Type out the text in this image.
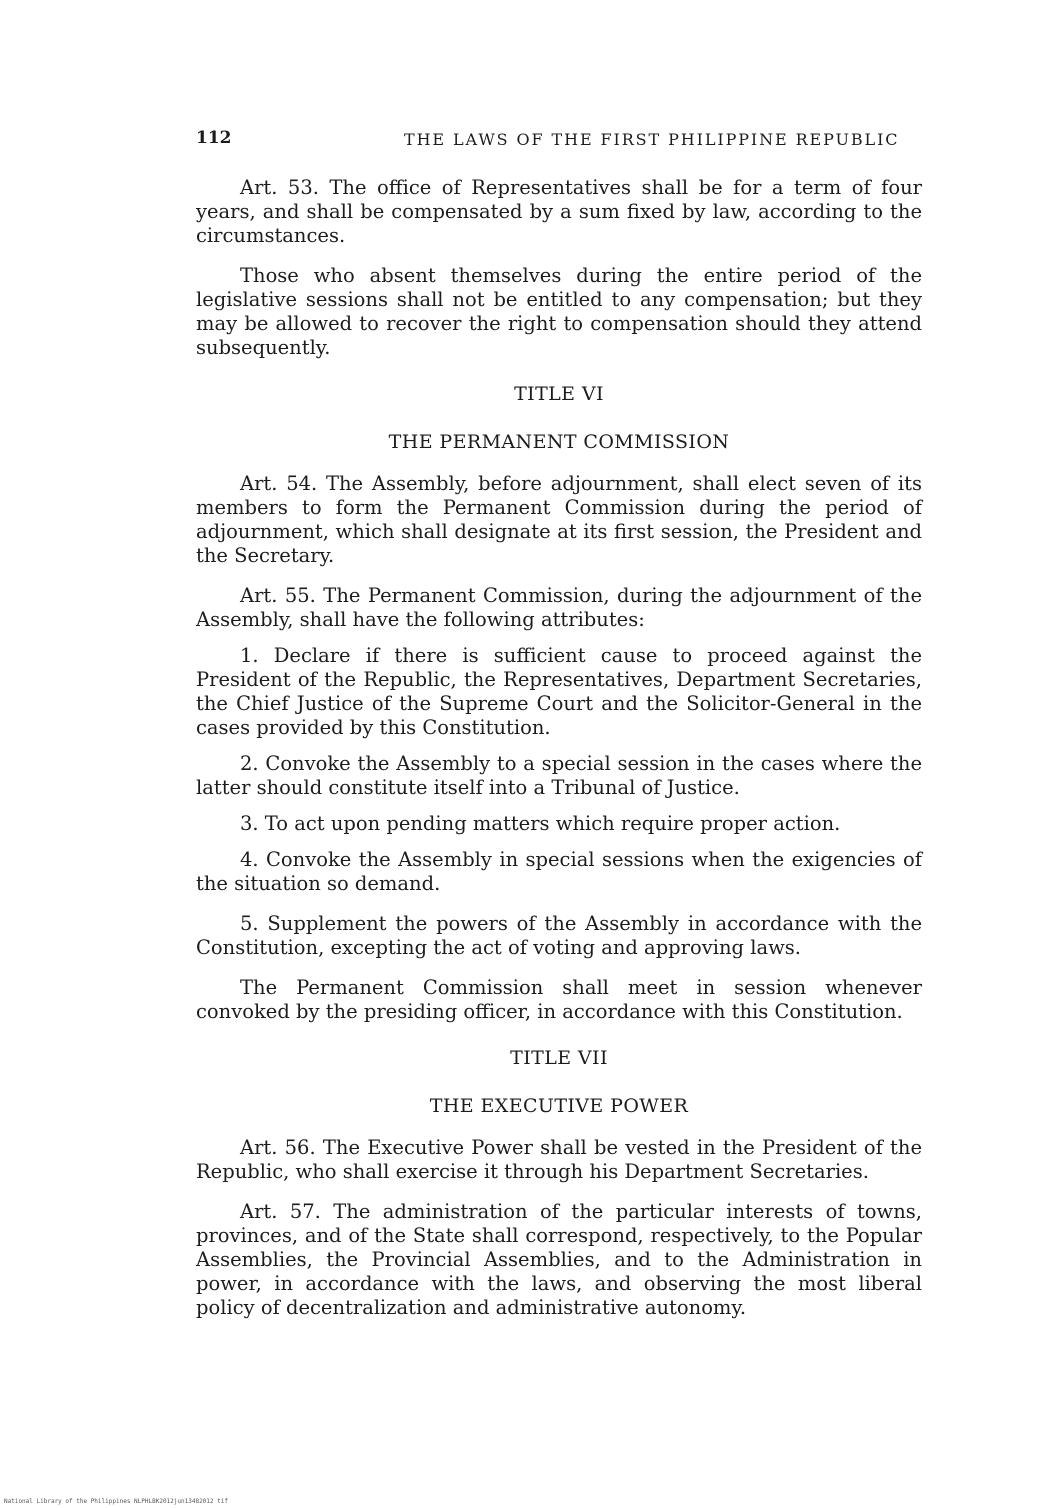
112	THE LAWS OF THE FIRST PHILIPPINE REPUBLIC

Art. 53. The office of Representatives shall be for a term of four years, and shall be compensated by a sum fixed by law, according to the circumstances.

Those who absent themselves during the entire period of the legislative sessions shall not be entitled to any compensation; but they may be allowed to recover the right to compensation should they attend subsequently.

TITLE VI

THE PERMANENT COMMISSION

Art. 54. The Assembly, before adjournment, shall elect seven of its members to form the Permanent Commission during the period of adjournment, which shall designate at its first session, the President and the Secretary.

Art. 55. The Permanent Commission, during the adjournment of the Assembly, shall have the following attributes:

1. Declare if there is sufficient cause to proceed against the President of the Republic, the Representatives, Department Secretaries, the Chief Justice of the Supreme Court and the Solicitor-General in the cases provided by this Constitution.

2. Convoke the Assembly to a special session in the cases where the latter should constitute itself into a Tribunal of Justice.

3. To act upon pending matters which require proper action.

4. Convoke the Assembly in special sessions when the exigencies of the situation so demand.

5. Supplement the powers of the Assembly in accordance with the Constitution, excepting the act of voting and approving laws.

The Permanent Commission shall meet in session whenever convoked by the presiding officer, in accordance with this Constitution.

TITLE VII

THE EXECUTIVE POWER

Art. 56. The Executive Power shall be vested in the President of the Republic, who shall exercise it through his Department Secretaries.

Art. 57. The administration of the particular interests of towns, provinces, and of the State shall correspond, respectively, to the Popular Assemblies, the Provincial Assemblies, and to the Administration in power, in accordance with the laws, and observing the most liberal policy of decentralization and administrative autonomy.

National Library of the Philippines NLPHLBK2012jun13482012 tif
